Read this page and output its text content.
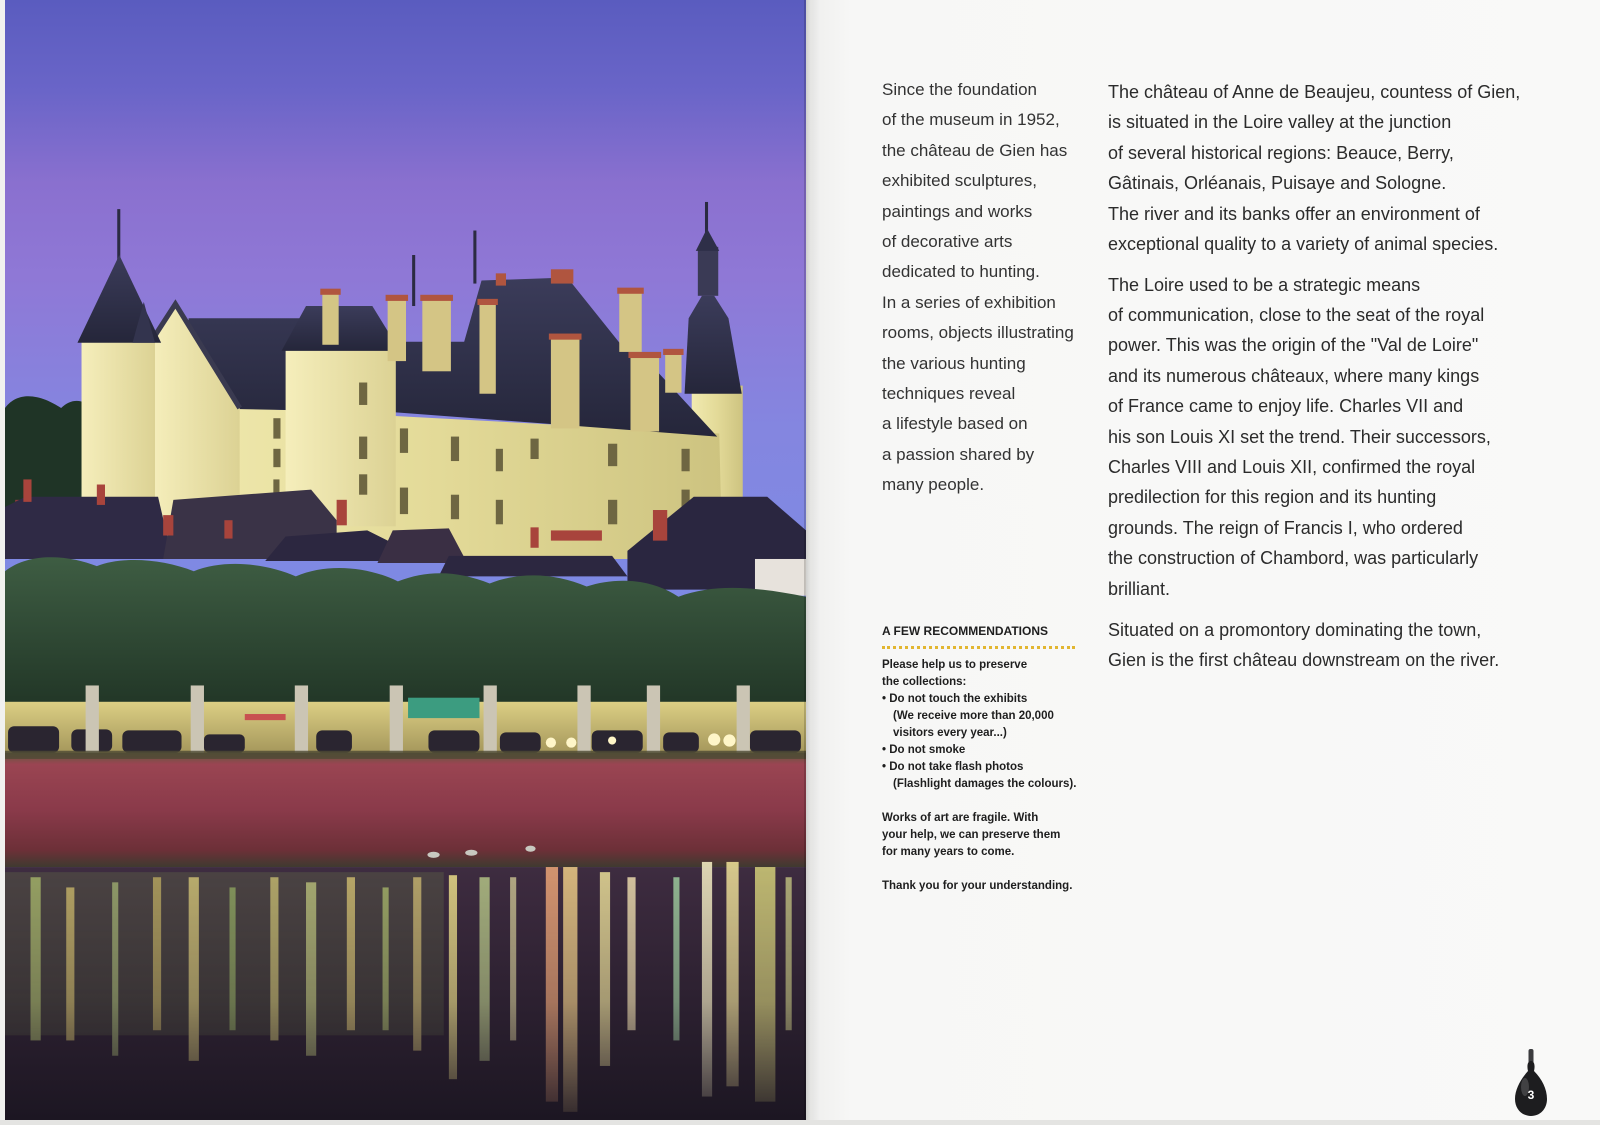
Since the foundation
of the museum in 1952,
the château de Gien has
exhibited sculptures,
paintings and works
of decorative arts
dedicated to hunting.
In a series of exhibition
rooms, objects illustrating
the various hunting
techniques reveal
a lifestyle based on
a passion shared by
many people.
The château of Anne de Beaujeu, countess of Gien,
is situated in the Loire valley at the junction
of several historical regions: Beauce, Berry,
Gâtinais, Orléanais, Puisaye and Sologne.
The river and its banks offer an environment of
exceptional quality to a variety of animal species.
The Loire used to be a strategic means
of communication, close to the seat of the royal
power. This was the origin of the "Val de Loire"
and its numerous châteaux, where many kings
of France came to enjoy life. Charles VII and
his son Louis XI set the trend. Their successors,
Charles VIII and Louis XII, confirmed the royal
predilection for this region and its hunting
grounds. The reign of Francis I, who ordered
the construction of Chambord, was particularly
brilliant.
Situated on a promontory dominating the town,
Gien is the first château downstream on the river.
A FEW RECOMMENDATIONS
Please help us to preserve
the collections:
• Do not touch the exhibits
(We receive more than 20,000
visitors every year...)
• Do not smoke
• Do not take flash photos
(Flashlight damages the colours).
Works of art are fragile. With
your help, we can preserve them
for many years to come.
Thank you for your understanding.
3
